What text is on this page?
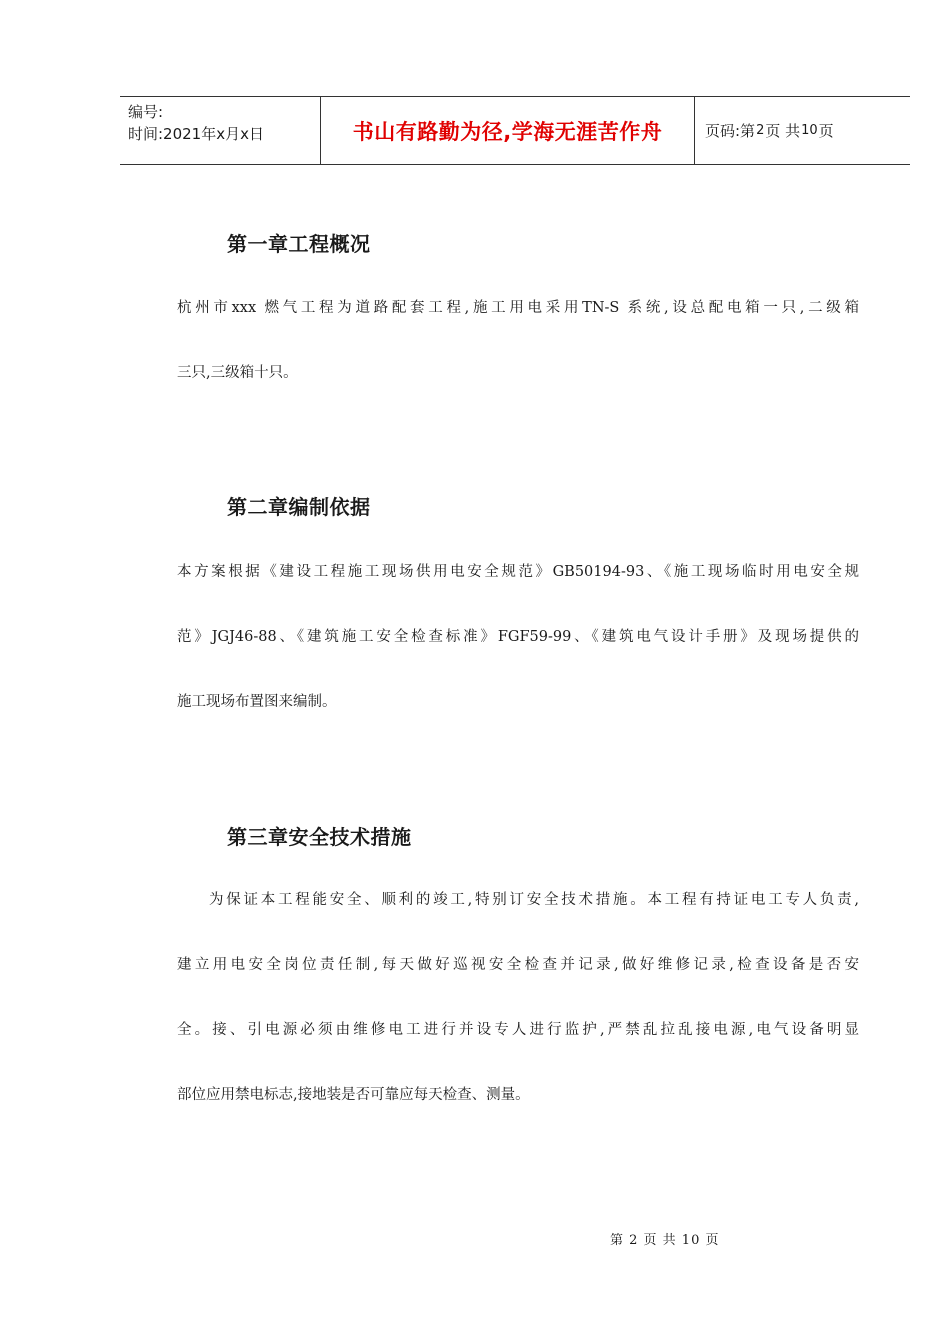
编号:
时间:2021年x月x日	书山有路勤为径,学海无涯苦作舟	页码:第 2 页 共 10 页
第一章工程概况
杭州市xxx 燃气工程为道路配套工程,施工用电采用TN-S 系统,设总配电箱一只,二级箱
三只,三级箱十只。
第二章编制依据
本方案根据《建设工程施工现场供用电安全规范》GB50194-93、《施工现场临时用电安全规
范》JGJ46-88、《建筑施工安全检查标准》FGF59-99、《建筑电气设计手册》及现场提供的
施工现场布置图来编制。
第三章安全技术措施
为保证本工程能安全、顺利的竣工,特别订安全技术措施。本工程有持证电工专人负责,
建立用电安全岗位责任制,每天做好巡视安全检查并记录,做好维修记录,检查设备是否安
全。接、引电源必须由维修电工进行并设专人进行监护,严禁乱拉乱接电源,电气设备明显
部位应用禁电标志,接地装是否可靠应每天检查、测量。
第 2 页 共 10 页
